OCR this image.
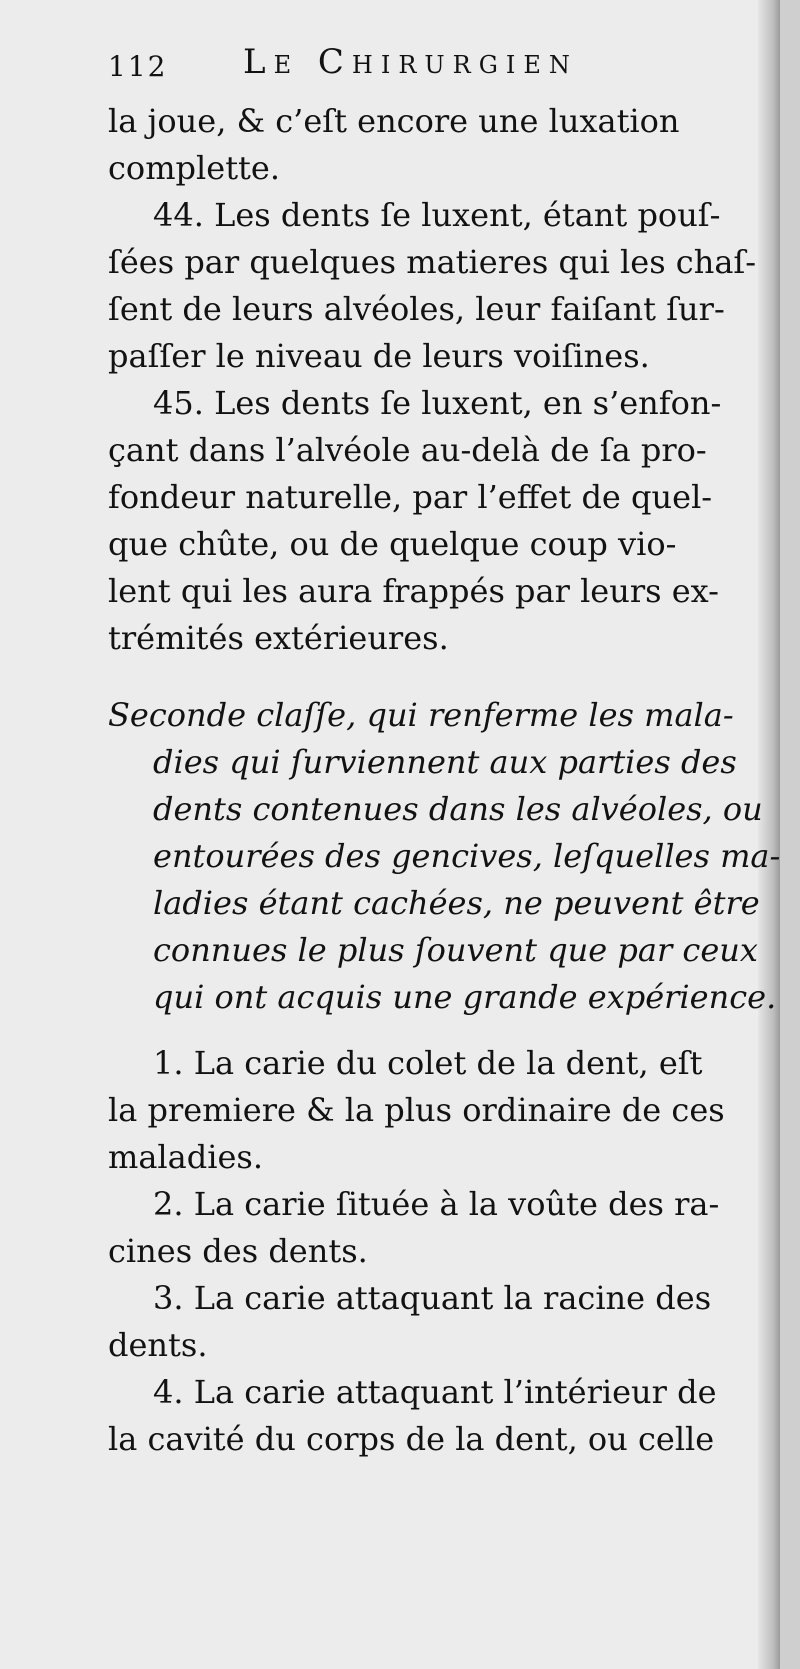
112 Le Chirurgien
la joue, & c’eſt encore une luxation
complette.
44. Les dents ſe luxent, étant pouſ-
ſées par quelques matieres qui les chaſ-
ſent de leurs alvéoles, leur faiſant ſur-
paſſer le niveau de leurs voiſines.
45. Les dents ſe luxent, en s’enfon-
çant dans l’alvéole au-delà de ſa pro-
fondeur naturelle, par l’effet de quel-
que chûte, ou de quelque coup vio-
lent qui les aura frappés par leurs ex-
trémités extérieures.
Seconde claſſe, qui renferme les mala-
dies qui ſurviennent aux parties des
dents contenues dans les alvéoles, ou
entourées des gencives, leſquelles ma-
ladies étant cachées, ne peuvent être
connues le plus ſouvent que par ceux
qui ont acquis une grande expérience.
1. La carie du colet de la dent, eſt
la premiere & la plus ordinaire de ces
maladies.
2. La carie ſituée à la voûte des ra-
cines des dents.
3. La carie attaquant la racine des
dents.
4. La carie attaquant l’intérieur de
la cavité du corps de la dent, ou celle
